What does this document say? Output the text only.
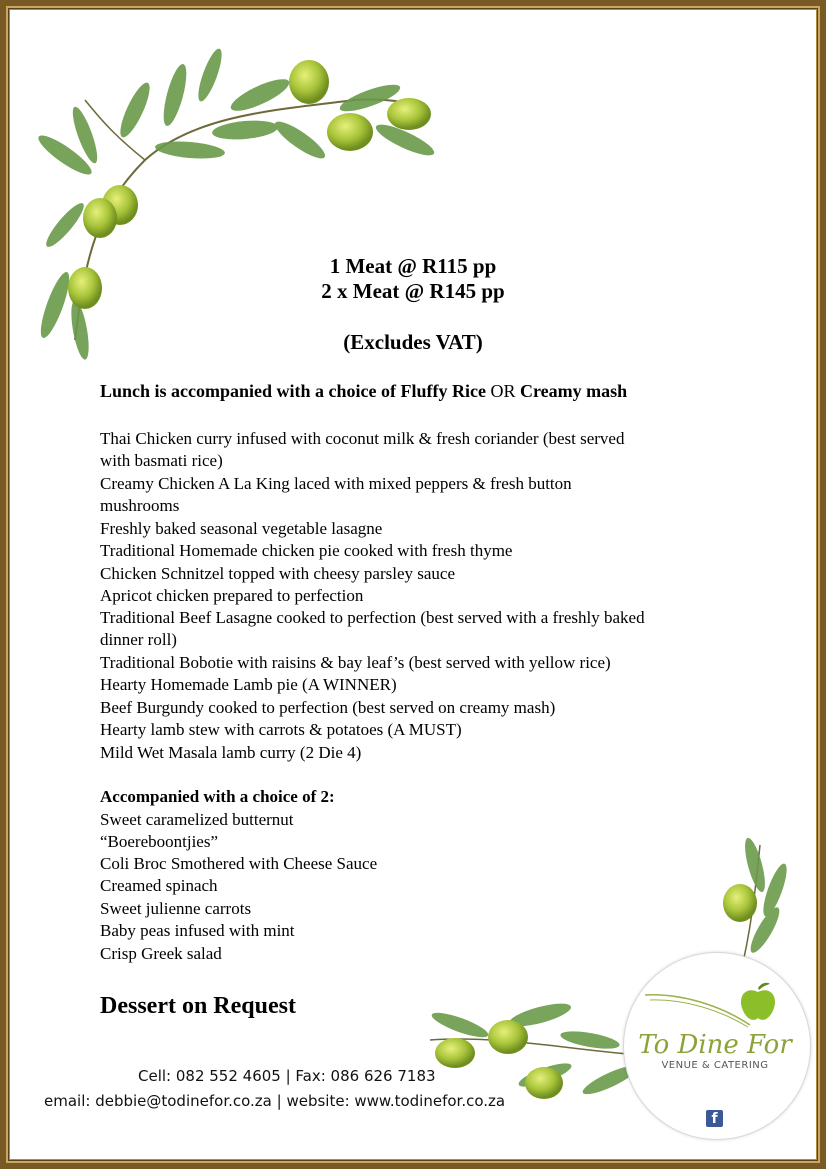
1 Meat @ R115 pp
2 x Meat @ R145 pp
(Excludes VAT)
Lunch is accompanied with a choice of Fluffy Rice OR Creamy mash
Thai Chicken curry infused with coconut milk & fresh coriander (best served
with basmati rice)
Creamy Chicken A La King laced with mixed peppers & fresh button
mushrooms
Freshly baked seasonal vegetable lasagne
Traditional Homemade chicken pie cooked with fresh thyme
Chicken Schnitzel topped with cheesy parsley sauce
Apricot chicken prepared to perfection
Traditional Beef Lasagne cooked to perfection (best served with a freshly baked
dinner roll)
Traditional Bobotie with raisins & bay leaf’s (best served with yellow rice)
Hearty Homemade Lamb pie (A WINNER)
Beef Burgundy cooked to perfection (best served on creamy mash)
Hearty lamb stew with carrots & potatoes (A MUST)
Mild Wet Masala lamb curry (2 Die 4)
Accompanied with a choice of 2:
Sweet caramelized butternut
“Boereboontjies”
Coli Broc Smothered with Cheese Sauce
Creamed spinach
Sweet julienne carrots
Baby peas infused with mint
Crisp Greek salad
Dessert on Request
To Dine For
VENUE & CATERING
f
Cell: 082 552 4605 | Fax: 086 626 7183
email: debbie@todinefor.co.za | website: www.todinefor.co.za
